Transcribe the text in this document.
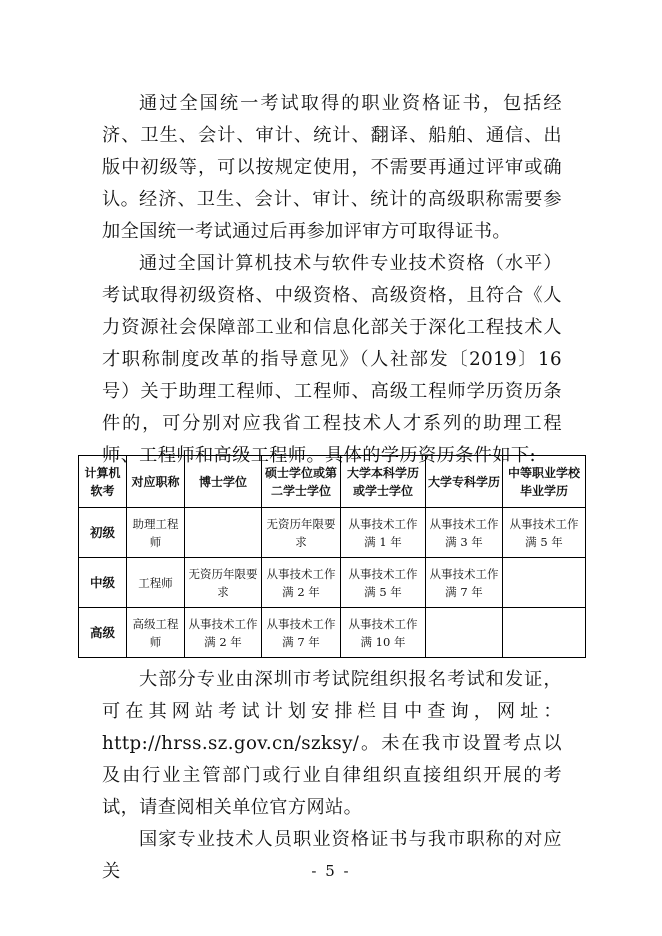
通过全国统一考试取得的职业资格证书，包括经济、卫生、会计、审计、统计、翻译、船舶、通信、出版中初级等，可以按规定使用，不需要再通过评审或确认。 经济、卫生、会计、审计、统计的高级职称需要参加全国统一考试通过后再参加评审方可取得证书。

通过全国计算机技术与软件专业技术资格（水平）考试取得初级资格、中级资格、高级资格，且符合《人力资源社会保障部工业和信息化部关于深化工程技术人才职称制度改革的指导意见》（人社部发〔2019〕16 号）关于助理工程师、工程师、高级工程师学历资历条件的，可分别对应我省工程技术人才系列的助理工程师、工程师和高级工程师。具体的学历资历条件如下:

计算机软考	对应职称	博士学位	硕士学位或第二学士学位	大学本科学历或学士学位	大学专科学历	中等职业学校毕业学历
初级	助理工程师		无资历年限要求	从事技术工作满 1 年	从事技术工作满 3 年	从事技术工作满 5 年
中级	工程师	无资历年限要求	从事技术工作满 2 年	从事技术工作满 5 年	从事技术工作满 7 年	
高级	高级工程师	从事技术工作满 2 年	从事技术工作满 7 年	从事技术工作满 10 年		

大部分专业由深圳市考试院组织报名考试和发证，可在其网站考试计划安排栏目中查询，网址：http://hrss.sz.gov.cn/szksy/。未在我市设置考点以及由行业主管部门或行业自律组织直接组织开展的考试，请查阅相关单位官方网站。

国家专业技术人员职业资格证书与我市职称的对应关	- 5 -
